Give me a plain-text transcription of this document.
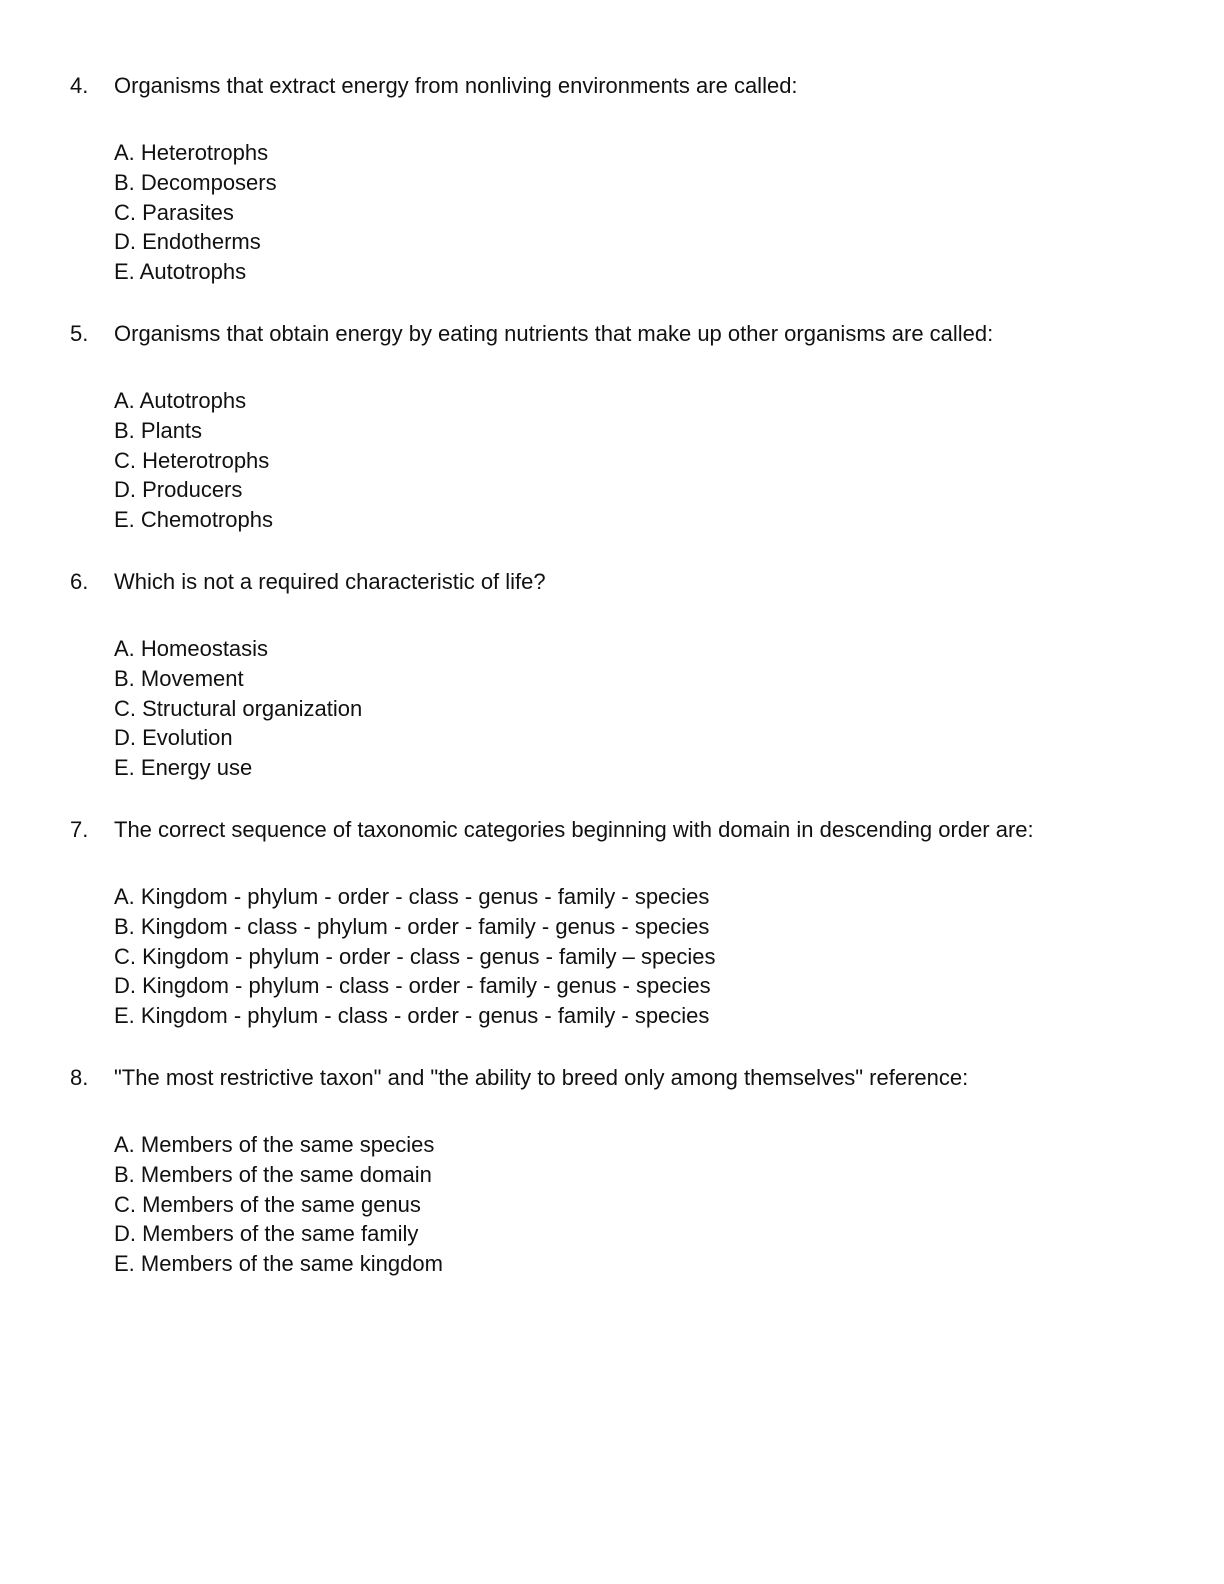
4. Organisms that extract energy from nonliving environments are called:
A. Heterotrophs
B. Decomposers
C. Parasites
D. Endotherms
E. Autotrophs
5. Organisms that obtain energy by eating nutrients that make up other organisms are called:
A. Autotrophs
B. Plants
C. Heterotrophs
D. Producers
E. Chemotrophs
6. Which is not a required characteristic of life?
A. Homeostasis
B. Movement
C. Structural organization
D. Evolution
E. Energy use
7. The correct sequence of taxonomic categories beginning with domain in descending order are:
A. Kingdom - phylum - order - class - genus - family - species
B. Kingdom - class - phylum - order - family - genus - species
C. Kingdom - phylum - order - class - genus - family – species
D. Kingdom - phylum - class - order - family - genus - species
E. Kingdom - phylum - class - order - genus - family - species
8. "The most restrictive taxon" and "the ability to breed only among themselves" reference:
A. Members of the same species
B. Members of the same domain
C. Members of the same genus
D. Members of the same family
E. Members of the same kingdom
